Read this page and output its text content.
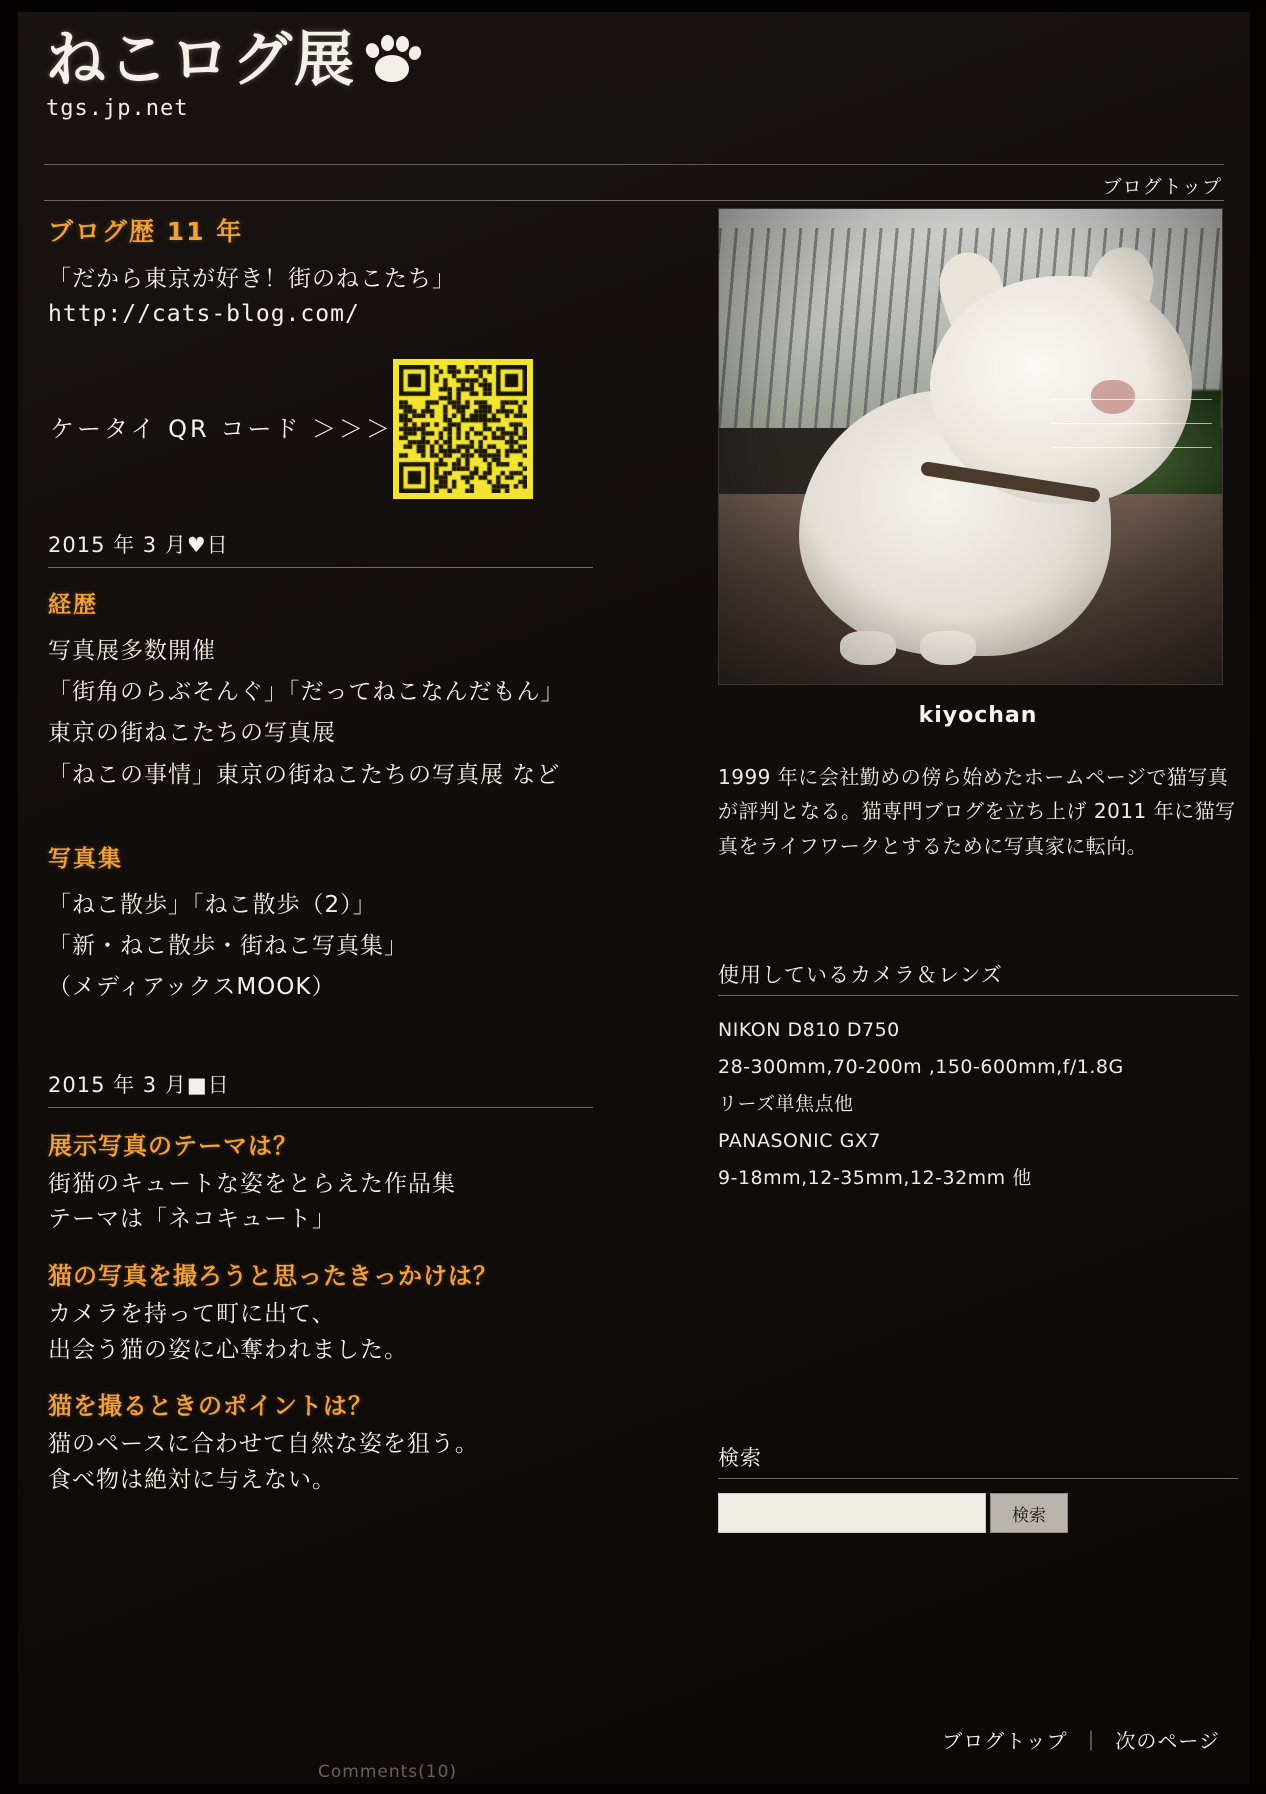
ねこログ展
tgs.jp.net
ブログトップ
ブログ歴 11 年
「だから東京が好き！街のねこたち」
http://cats-blog.com/
ケータイ QR コード ＞＞＞
2015 年 3 月♥日
経歴

写真展多数開催

「街角のらぶそんぐ」「だってねこなんだもん」

東京の街ねこたちの写真展

「ねこの事情」東京の街ねこたちの写真展 など

写真集

「ねこ散歩」「ねこ散歩（2）」

「新・ねこ散歩・街ねこ写真集」

（メディアックスMOOK）

2015 年 3 月■日
展示写真のテーマは？

街猫のキュートな姿をとらえた作品集

テーマは「ネコキュート」

猫の写真を撮ろうと思ったきっかけは？

カメラを持って町に出て、

出会う猫の姿に心奪われました。

猫を撮るときのポイントは？

猫のペースに合わせて自然な姿を狙う。

食べ物は絶対に与えない。

kiyochan
1999 年に会社勤めの傍ら始めたホームページで猫写真が評判となる。猫専門ブログを立ち上げ 2011 年に猫写真をライフワークとするために写真家に転向。
使用しているカメラ＆レンズ
NIKON D810 D750
28-300mm,70-200m ,150-600mm,f/1.8G
リーズ単焦点他
PANASONIC GX7
9-18mm,12-35mm,12-32mm 他
検索
検索
ブログトップ ｜ 次のページ
Comments(10)
